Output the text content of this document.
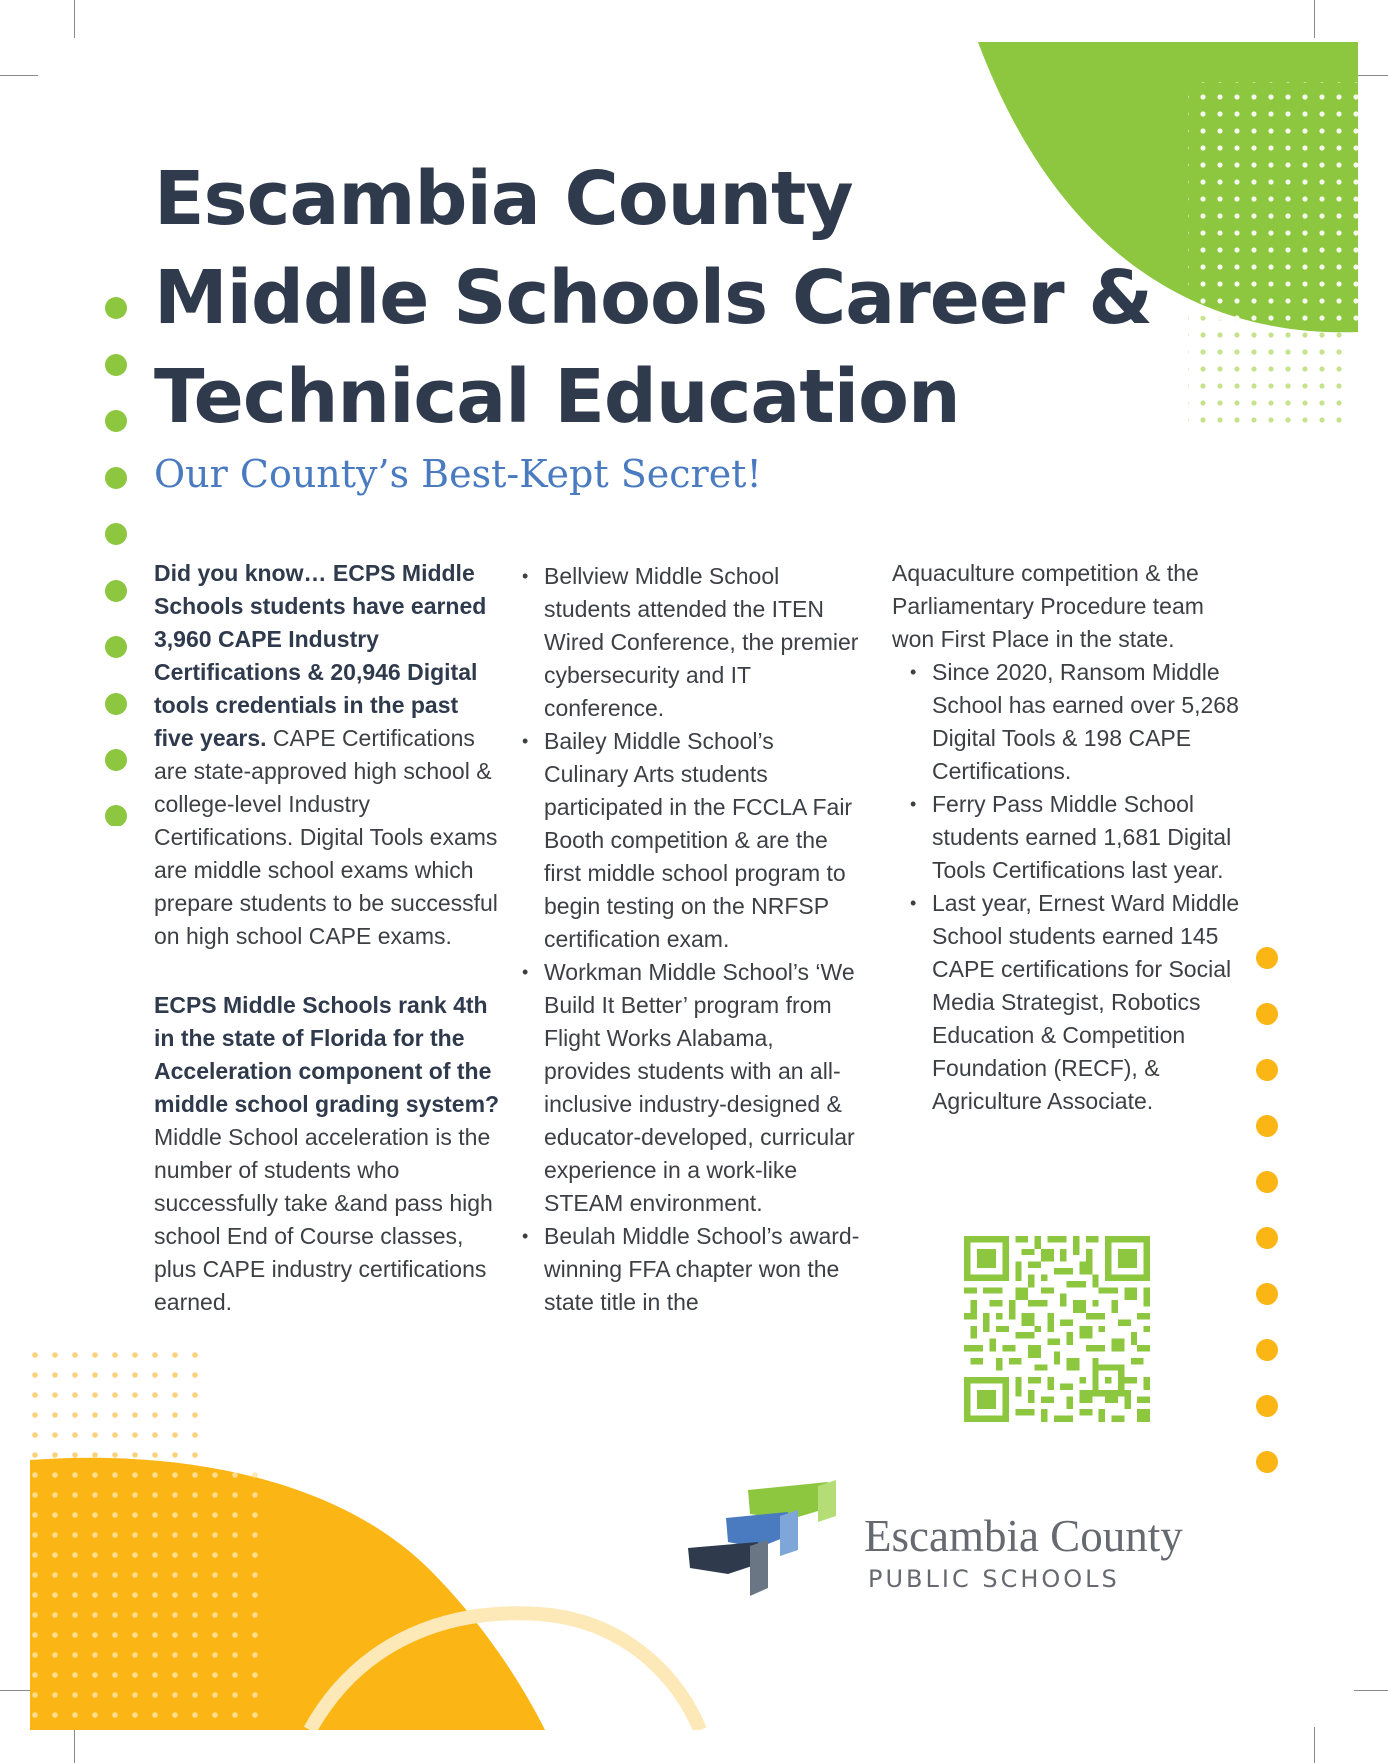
Escambia County
Middle Schools Career &
Technical Education
Our County’s Best-Kept Secret!

Did you know… ECPS Middle Schools students have earned 3,960 CAPE Industry Certifications & 20,946 Digital tools credentials in the past five years. CAPE Certifications are state-approved high school & college-level Industry Certifications. Digital Tools exams are middle school exams which prepare students to be successful on high school CAPE exams.

ECPS Middle Schools rank 4th in the state of Florida for the Acceleration component of the middle school grading system? Middle School acceleration is the number of students who successfully take &and pass high school End of Course classes, plus CAPE industry certifications earned.

• Bellview Middle School students attended the ITEN Wired Conference, the premier cybersecurity and IT conference.
• Bailey Middle School’s Culinary Arts students participated in the FCCLA Fair Booth competition & are the first middle school program to begin testing on the NRFSP certification exam.
• Workman Middle School’s ‘We Build It Better’ program from Flight Works Alabama, provides students with an all-inclusive industry-designed & educator-developed, curricular experience in a work-like STEAM environment.
• Beulah Middle School’s award-winning FFA chapter won the state title in the

Aquaculture competition & the Parliamentary Procedure team won First Place in the state.

• Since 2020, Ransom Middle School has earned over 5,268 Digital Tools & 198 CAPE Certifications.
• Ferry Pass Middle School students earned 1,681 Digital Tools Certifications last year.
• Last year, Ernest Ward Middle School students earned 145 CAPE certifications for Social Media Strategist, Robotics Education & Competition Foundation (RECF), & Agriculture Associate.
Escambia County
PUBLIC SCHOOLS
